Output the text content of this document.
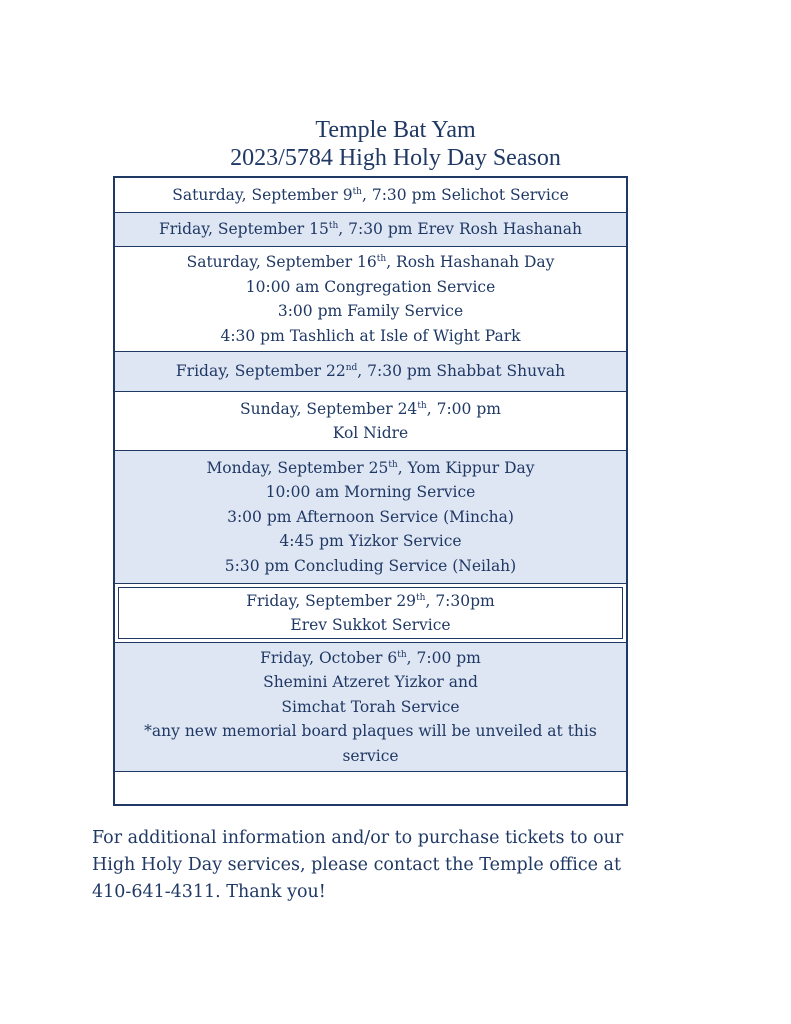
Temple Bat Yam
2023/5784 High Holy Day Season
Saturday, September 9th, 7:30 pm Selichot Service
Friday, September 15th, 7:30 pm Erev Rosh Hashanah
Saturday, September 16th, Rosh Hashanah Day
10:00 am Congregation Service
3:00 pm Family Service
4:30 pm Tashlich at Isle of Wight Park
Friday, September 22nd, 7:30 pm Shabbat Shuvah
Sunday, September 24th, 7:00 pm
Kol Nidre
Monday, September 25th, Yom Kippur Day
10:00 am Morning Service
3:00 pm Afternoon Service (Mincha)
4:45 pm Yizkor Service
5:30 pm Concluding Service (Neilah)
Friday, September 29th, 7:30pm
Erev Sukkot Service
Friday, October 6th, 7:00 pm
Shemini Atzeret Yizkor and
Simchat Torah Service
*any new memorial board plaques will be unveiled at this
service
For additional information and/or to purchase tickets to our
High Holy Day services, please contact the Temple office at
410-641-4311. Thank you!
